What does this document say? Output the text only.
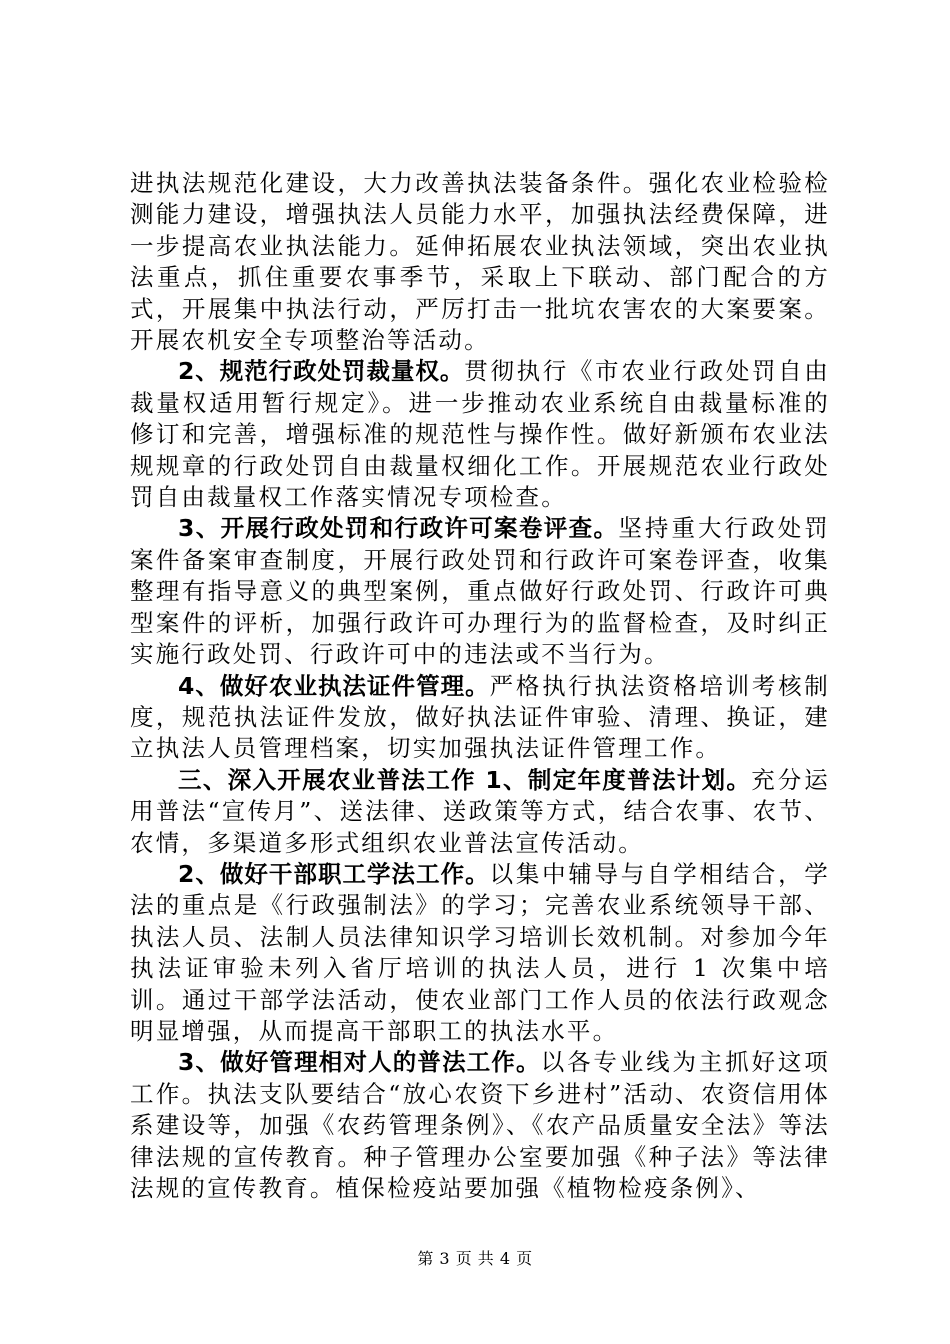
进执法规范化建设，大力改善执法装备条件。强化农业检验检测能力建设，增强执法人员能力水平，加强执法经费保障，进一步提高农业执法能力。延伸拓展农业执法领域，突出农业执法重点，抓住重要农事季节，采取上下联动、部门配合的方式，开展集中执法行动，严厉打击一批坑农害农的大案要案。开展农机安全专项整治等活动。

2、规范行政处罚裁量权。贯彻执行《市农业行政处罚自由裁量权适用暂行规定》。进一步推动农业系统自由裁量标准的修订和完善，增强标准的规范性与操作性。做好新颁布农业法规规章的行政处罚自由裁量权细化工作。开展规范农业行政处罚自由裁量权工作落实情况专项检查。

3、开展行政处罚和行政许可案卷评查。坚持重大行政处罚案件备案审查制度，开展行政处罚和行政许可案卷评查，收集整理有指导意义的典型案例，重点做好行政处罚、行政许可典型案件的评析，加强行政许可办理行为的监督检查，及时纠正实施行政处罚、行政许可中的违法或不当行为。

4、做好农业执法证件管理。严格执行执法资格培训考核制度，规范执法证件发放，做好执法证件审验、清理、换证，建立执法人员管理档案，切实加强执法证件管理工作。

三、深入开展农业普法工作 1、制定年度普法计划。充分运用普法“宣传月”、送法律、送政策等方式，结合农事、农节、农情，多渠道多形式组织农业普法宣传活动。

2、做好干部职工学法工作。以集中辅导与自学相结合，学法的重点是《行政强制法》的学习；完善农业系统领导干部、执法人员、法制人员法律知识学习培训长效机制。对参加今年执法证审验未列入省厅培训的执法人员，进行 1 次集中培训。通过干部学法活动，使农业部门工作人员的依法行政观念明显增强，从而提高干部职工的执法水平。

3、做好管理相对人的普法工作。以各专业线为主抓好这项工作。执法支队要结合“放心农资下乡进村”活动、农资信用体系建设等，加强《农药管理条例》、《农产品质量安全法》等法律法规的宣传教育。种子管理办公室要加强《种子法》等法律法规的宣传教育。植保检疫站要加强《植物检疫条例》、

第 3 页 共 4 页
